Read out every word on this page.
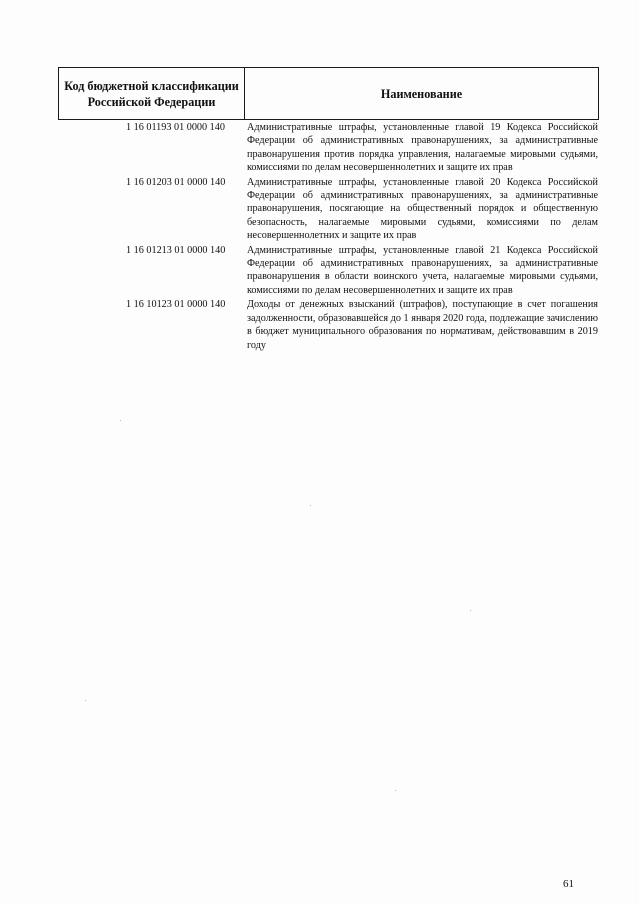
Код бюджетной классификации Российской Федерации
Наименование
1 16 01193 01 0000 140	Административные штрафы, установленные главой 19 Кодекса Российской Федерации об административных правонарушениях, за административные правонарушения против порядка управления, налагаемые мировыми судьями, комиссиями по делам несовершеннолетних и защите их прав
1 16 01203 01 0000 140	Административные штрафы, установленные главой 20 Кодекса Российской Федерации об административных правонарушениях, за административные правонарушения, посягающие на общественный порядок и общественную безопасность, налагаемые мировыми судьями, комиссиями по делам несовершеннолетних и защите их прав
1 16 01213 01 0000 140	Административные штрафы, установленные главой 21 Кодекса Российской Федерации об административных правонарушениях, за административные правонарушения в области воинского учета, налагаемые мировыми судьями, комиссиями по делам несовершеннолетних и защите их прав
1 16 10123 01 0000 140	Доходы от денежных взысканий (штрафов), поступающие в счет погашения задолженности, образовавшейся до 1 января 2020 года, подлежащие зачислению в бюджет муниципального образования по нормативам, действовавшим в 2019 году
61
